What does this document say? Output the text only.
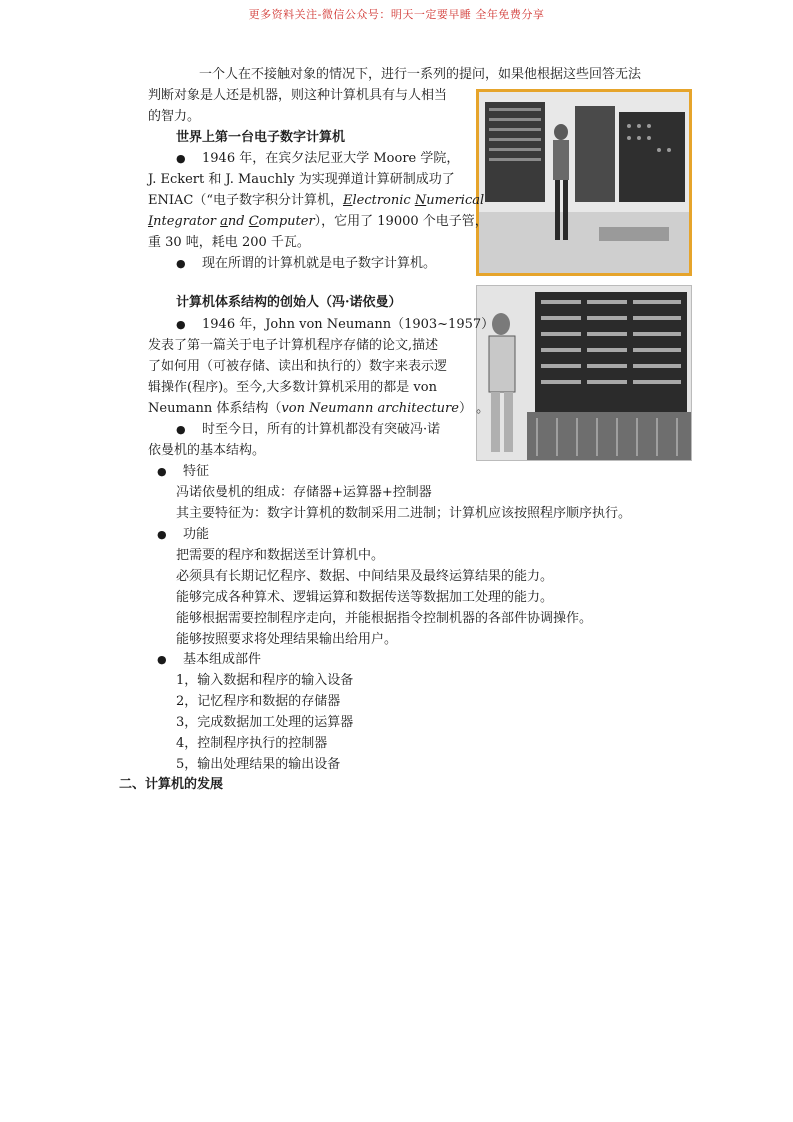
更多资料关注-微信公众号：明天一定要早睡 全年免费分享
一个人在不接触对象的情况下，进行一系列的提问，如果他根据这些回答无法
判断对象是人还是机器，则这种计算机具有与人相当
的智力。
世界上第一台电子数字计算机
● 1946 年，在宾夕法尼亚大学 Moore 学院，
J. Eckert 和 J. Mauchly 为实现弹道计算研制成功了
ENIAC（“电子数字积分计算机，Electronic Numerical
Integrator and Computer），它用了 19000 个电子管，
重 30 吨，耗电 200 千瓦。
● 现在所谓的计算机就是电子数字计算机。
计算机体系结构的创始人（冯·诺依曼）
● 1946 年，John von Neumann（1903~1957）
发表了第一篇关于电子计算机程序存储的论文,描述
了如何用（可被存储、读出和执行的）数字来表示逻
辑操作(程序)。至今,大多数计算机采用的都是 von
Neumann 体系结构（von Neumann architecture） 。
● 时至今日，所有的计算机都没有突破冯·诺
依曼机的基本结构。
● 特征
冯诺依曼机的组成：存储器+运算器+控制器
其主要特征为：数字计算机的数制采用二进制；计算机应该按照程序顺序执行。
● 功能
把需要的程序和数据送至计算机中。
必须具有长期记忆程序、数据、中间结果及最终运算结果的能力。
能够完成各种算术、逻辑运算和数据传送等数据加工处理的能力。
能够根据需要控制程序走向，并能根据指令控制机器的各部件协调操作。
能够按照要求将处理结果输出给用户。
● 基本组成部件
1，输入数据和程序的输入设备
2，记忆程序和数据的存储器
3，完成数据加工处理的运算器
4，控制程序执行的控制器
5，输出处理结果的输出设备
二、计算机的发展
